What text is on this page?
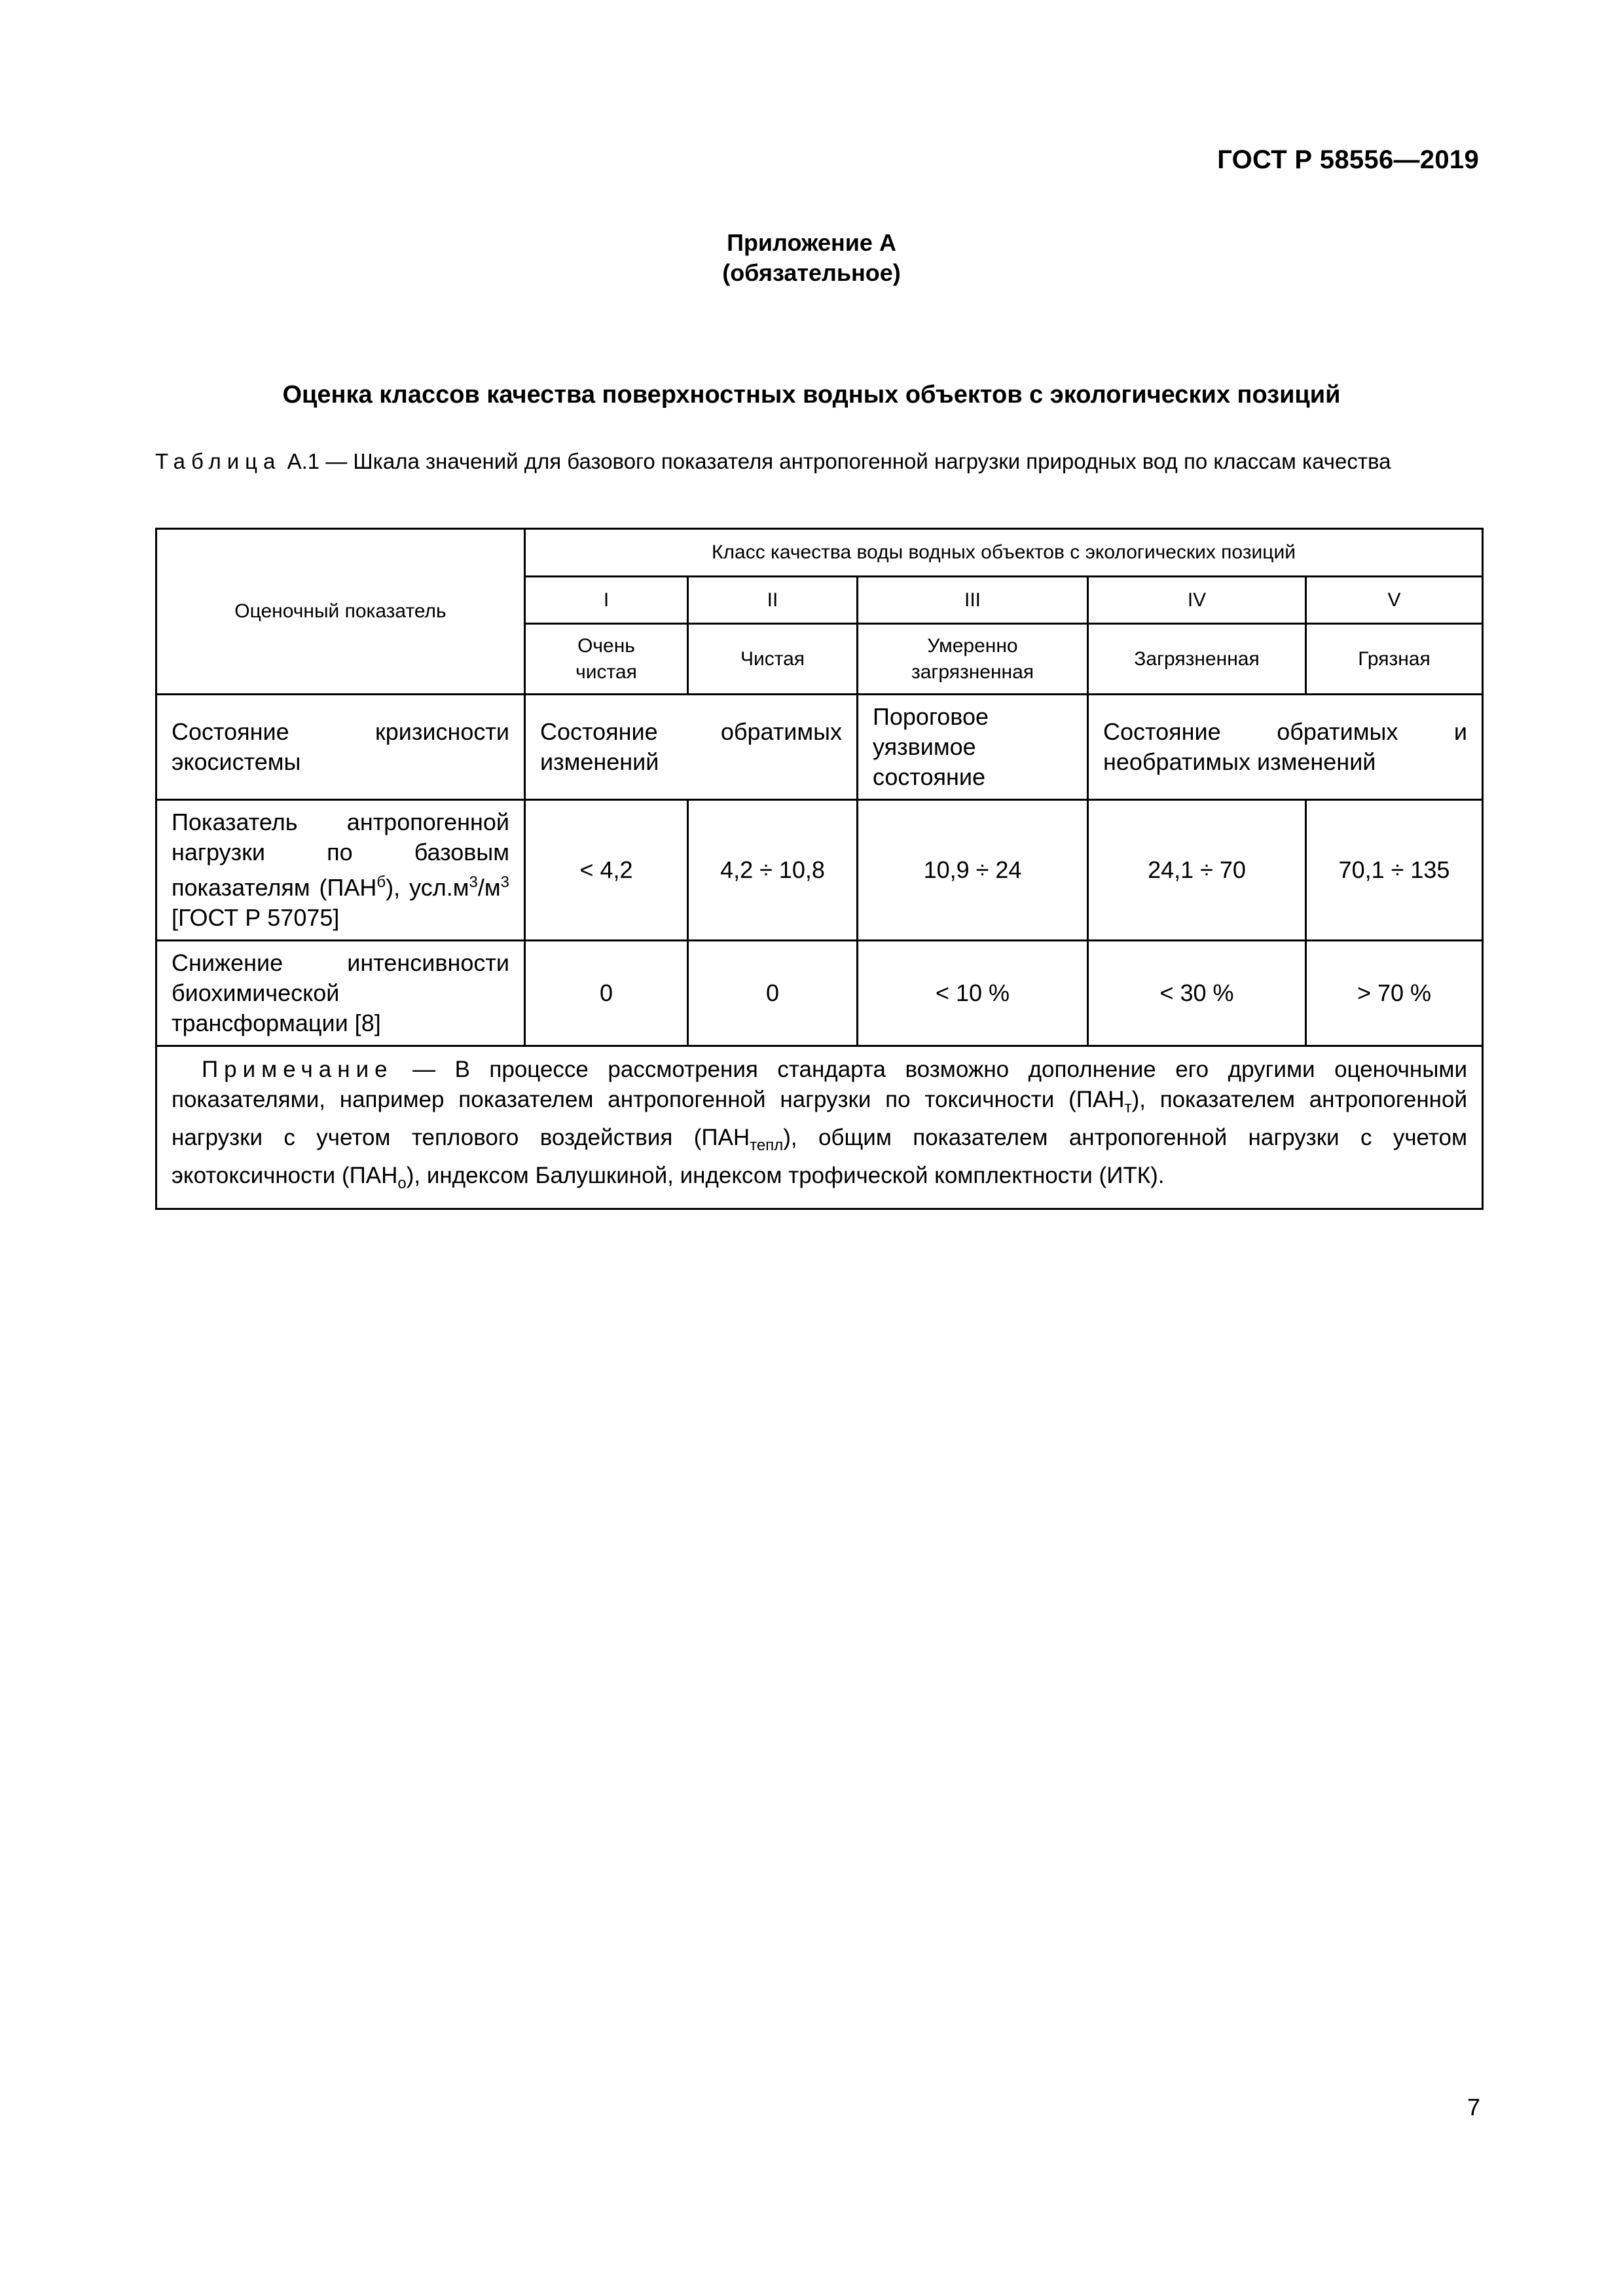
ГОСТ Р 58556—2019
Приложение А
(обязательное)
Оценка классов качества поверхностных водных объектов с экологических позиций
Таблица А.1 — Шкала значений для базового показателя антропогенной нагрузки природных вод по классам качества
Оценочный показатель	Класс качества воды водных объектов с экологических позиций				
	I	II	III	IV	V
	Очень чистая	Чистая	Умеренно загрязненная	Загрязненная	Грязная
Состояние кризисности экосистемы	Состояние обратимых изменений		Пороговое уязвимое состояние	Состояние обратимых и необратимых изменений	
Показатель антропогенной нагрузки по базовым показателям $(ПАН^б)$, $усл.м^3/м^3$ [ГОСТ Р 57075]	< 4,2	4,2 ÷ 10,8	10,9 ÷ 24	24,1 ÷ 70	70,1 ÷ 135
Снижение интенсивности биохимической трансформации [8]	0	0	< 10 %	< 30 %	> 70 %
Примечание — В процессе рассмотрения стандарта возможно дополнение его другими оценочными показателями, например показателем антропогенной нагрузки по токсичности $(ПАН_т)$, показателем антропогенной нагрузки с учетом теплового воздействия $(ПАН_{тепл})$, общим показателем антропогенной нагрузки с учетом экотоксичности $(ПАН_о)$, индексом Балушкиной, индексом трофической комплектности (ИТК).					
7
